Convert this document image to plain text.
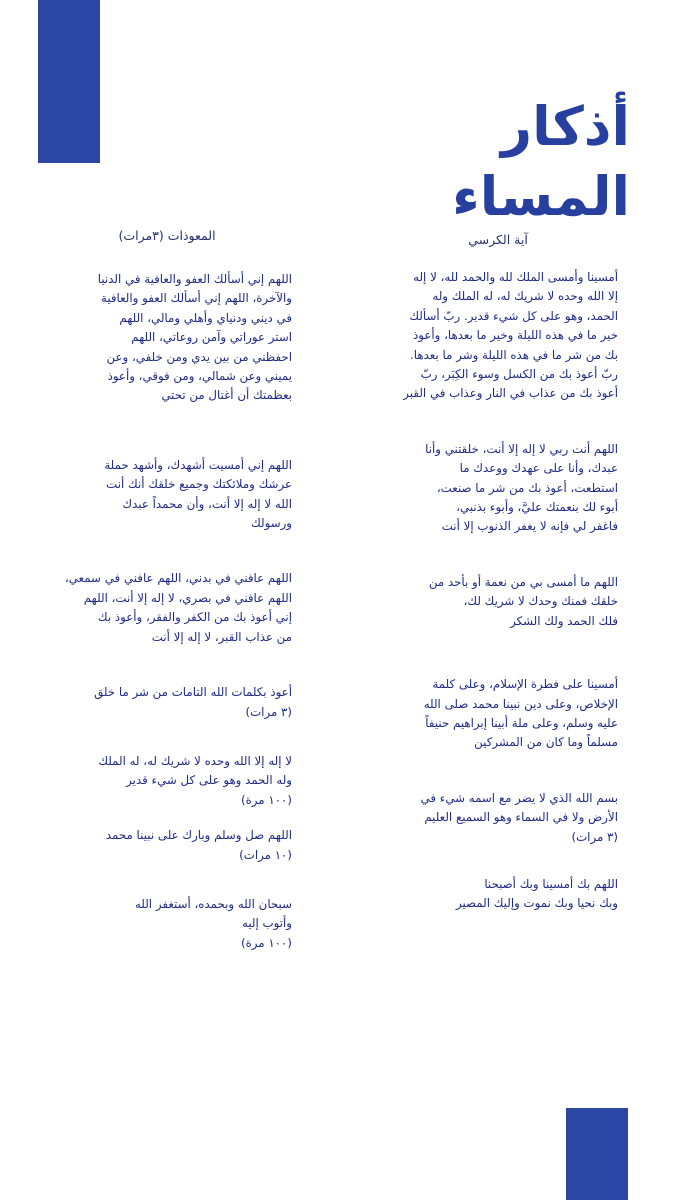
أذكار المساء
آية الكرسي

أمسينا وأمسى الملك لله والحمد لله، لا إله
إلا الله وحده لا شريك له، له الملك وله
الحمد، وهو على كل شيء قدير. ربّ أسألك
خير ما في هذه الليلة وخير ما بعدها، وأعوذ
بك من شر ما في هذه الليلة وشر ما بعدها.
ربّ أعوذ بك من الكسل وسوء الكِبَر، ربّ
أعوذ بك من عذاب في النار وعذاب في القبر

اللهم أنت ربي لا إله إلا أنت، خلقتني وأنا
عبدك، وأنا على عهدك ووعدك ما
استطعت، أعوذ بك من شر ما صنعت،
أبوء لك بنعمتك عليَّ، وأبوء بذنبي،
فاغفر لي فإنه لا يغفر الذنوب إلا أنت

اللهم ما أمسى بي من نعمة أو بأحد من
خلقك فمنك وحدك لا شريك لك،
فلك الحمد ولك الشكر

أمسينا على فطرة الإسلام، وعلى كلمة
الإخلاص، وعلى دين نبينا محمد صلى الله
عليه وسلم، وعلى ملة أبينا إبراهيم حنيفاً
مسلماً وما كان من المشركين

بسم الله الذي لا يضر مع اسمه شيء في
الأرض ولا في السماء وهو السميع العليم
(٣ مرات)

اللهم بك أمسينا وبك أصبحنا
وبك نحيا وبك نموت وإليك المصير

المعوذات (٣مرات)

اللهم إني أسألك العفو والعافية في الدنيا
والآخرة، اللهم إني أسألك العفو والعافية
في ديني ودنياي وأهلي ومالي، اللهم
استر عوراتي وآمن روعاتي، اللهم
احفظني من بين يدي ومن خلفي، وعن
يميني وعن شمالي، ومن فوقي، وأعوذ
بعظمتك أن أغتال من تحتي

اللهم إني أمسيت أشهدك، وأشهد حملة
عرشك وملائكتك وجميع خلقك أنك أنت
الله لا إله إلا أنت، وأن محمداً عبدك
ورسولك

اللهم عافني في بدني، اللهم عافني في سمعي،
اللهم عافني في بصري، لا إله إلا أنت، اللهم
إني أعوذ بك من الكفر والفقر، وأعوذ بك
من عذاب القبر، لا إله إلا أنت

أعوذ بكلمات الله التامات من شر ما خلق
(٣ مرات)

لا إله إلا الله وحده لا شريك له، له الملك
وله الحمد وهو على كل شيء قدير
(١٠٠ مرة)

اللهم صل وسلم وبارك على نبينا محمد
(١٠ مرات)

سبحان الله وبحمده، أستغفر الله
وأتوب إليه
(١٠٠ مرة)
